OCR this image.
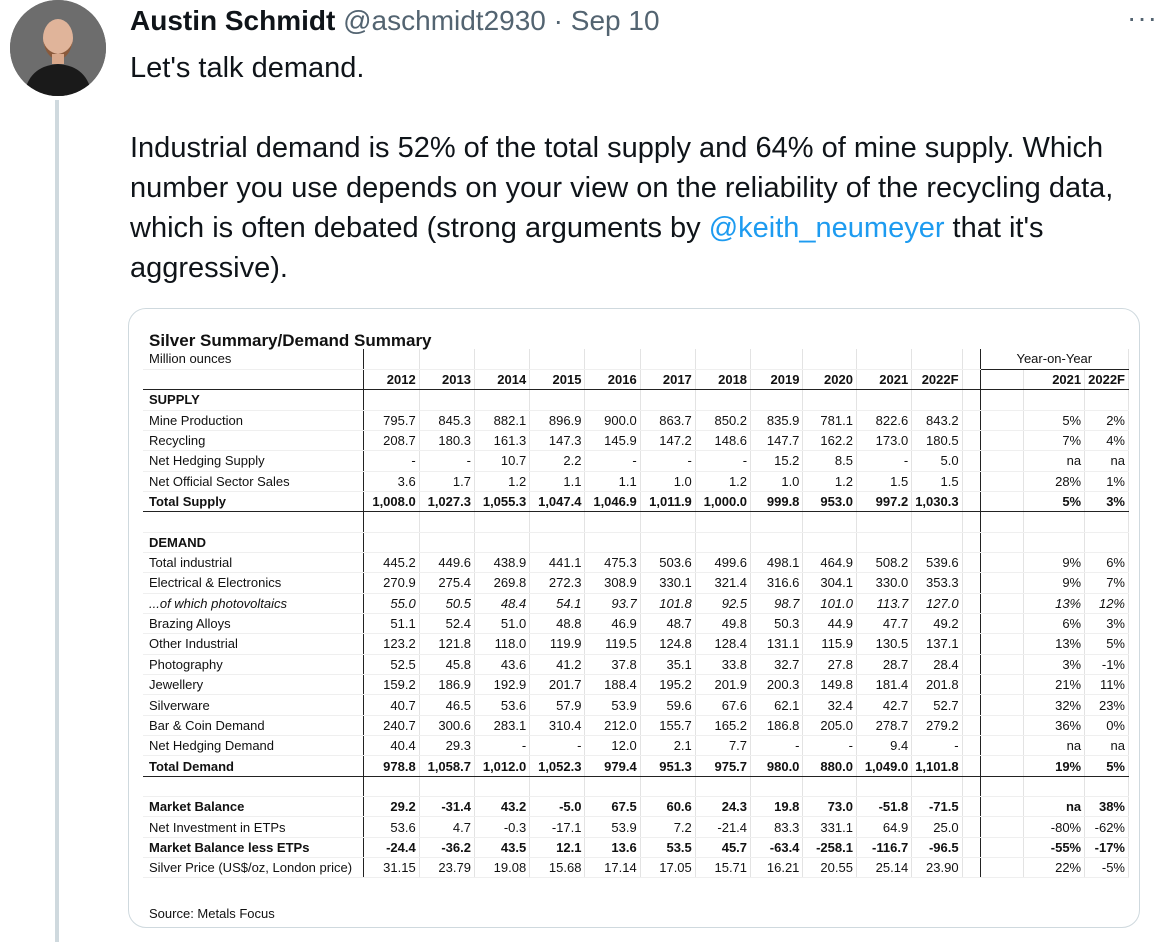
Austin Schmidt @aschmidt2930 · Sep 10	···

Let's talk demand.

Industrial demand is 52% of the total supply and 64% of mine supply. Which number you use depends on your view on the reliability of the recycling data, which is often debated (strong arguments by @keith_neumeyer that it's aggressive).

Silver Summary/Demand Summary
Million ounces													Year-on-Year		
	2012	2013	2014	2015	2016	2017	2018	2019	2020	2021	2022F			2021	2022F
SUPPLY															
Mine Production	795.7	845.3	882.1	896.9	900.0	863.7	850.2	835.9	781.1	822.6	843.2			5%	2%
Recycling	208.7	180.3	161.3	147.3	145.9	147.2	148.6	147.7	162.2	173.0	180.5			7%	4%
Net Hedging Supply	-	-	10.7	2.2	-	-	-	15.2	8.5	-	5.0			na	na
Net Official Sector Sales	3.6	1.7	1.2	1.1	1.1	1.0	1.2	1.0	1.2	1.5	1.5			28%	1%
Total Supply	1,008.0	1,027.3	1,055.3	1,047.4	1,046.9	1,011.9	1,000.0	999.8	953.0	997.2	1,030.3			5%	3%

DEMAND															
Total industrial	445.2	449.6	438.9	441.1	475.3	503.6	499.6	498.1	464.9	508.2	539.6			9%	6%
Electrical & Electronics	270.9	275.4	269.8	272.3	308.9	330.1	321.4	316.6	304.1	330.0	353.3			9%	7%
...of which photovoltaics	55.0	50.5	48.4	54.1	93.7	101.8	92.5	98.7	101.0	113.7	127.0			13%	12%
Brazing Alloys	51.1	52.4	51.0	48.8	46.9	48.7	49.8	50.3	44.9	47.7	49.2			6%	3%
Other Industrial	123.2	121.8	118.0	119.9	119.5	124.8	128.4	131.1	115.9	130.5	137.1			13%	5%
Photography	52.5	45.8	43.6	41.2	37.8	35.1	33.8	32.7	27.8	28.7	28.4			3%	-1%
Jewellery	159.2	186.9	192.9	201.7	188.4	195.2	201.9	200.3	149.8	181.4	201.8			21%	11%
Silverware	40.7	46.5	53.6	57.9	53.9	59.6	67.6	62.1	32.4	42.7	52.7			32%	23%
Bar & Coin Demand	240.7	300.6	283.1	310.4	212.0	155.7	165.2	186.8	205.0	278.7	279.2			36%	0%
Net Hedging Demand	40.4	29.3	-	-	12.0	2.1	7.7	-	-	9.4	-			na	na
Total Demand	978.8	1,058.7	1,012.0	1,052.3	979.4	951.3	975.7	980.0	880.0	1,049.0	1,101.8			19%	5%

Market Balance	29.2	-31.4	43.2	-5.0	67.5	60.6	24.3	19.8	73.0	-51.8	-71.5			na	38%
Net Investment in ETPs	53.6	4.7	-0.3	-17.1	53.9	7.2	-21.4	83.3	331.1	64.9	25.0			-80%	-62%
Market Balance less ETPs	-24.4	-36.2	43.5	12.1	13.6	53.5	45.7	-63.4	-258.1	-116.7	-96.5			-55%	-17%
Silver Price (US$/oz, London price)	31.15	23.79	19.08	15.68	17.14	17.05	15.71	16.21	20.55	25.14	23.90			22%	-5%
Source: Metals Focus
